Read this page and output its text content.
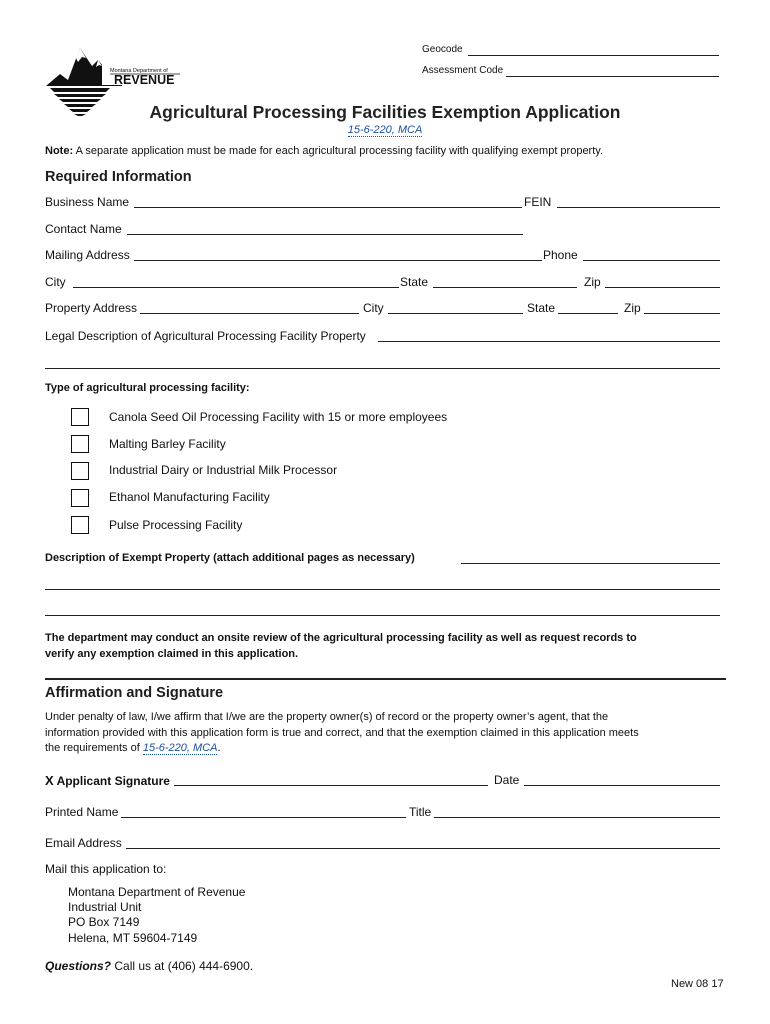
Geocode
Assessment Code
Montana Department of
REVENUE
Agricultural Processing Facilities Exemption Application
15-6-220, MCA
Note: A separate application must be made for each agricultural processing facility with qualifying exempt property.
Required Information
Business Name	FEIN
Contact Name
Mailing Address	Phone
City	State	Zip
Property Address	City	State	Zip
Legal Description of Agricultural Processing Facility Property
Type of agricultural processing facility:
Canola Seed Oil Processing Facility with 15 or more employees
Malting Barley Facility
Industrial Dairy or Industrial Milk Processor
Ethanol Manufacturing Facility
Pulse Processing Facility
Description of Exempt Property (attach additional pages as necessary)
The department may conduct an onsite review of the agricultural processing facility as well as request records to
verify any exemption claimed in this application.
Affirmation and Signature
Under penalty of law, I/we affirm that I/we are the property owner(s) of record or the property owner’s agent, that the
information provided with this application form is true and correct, and that the exemption claimed in this application meets
the requirements of 15-6-220, MCA.
X Applicant Signature	Date
Printed Name	Title
Email Address
Mail this application to:
Montana Department of Revenue
Industrial Unit
PO Box 7149
Helena, MT 59604-7149
Questions? Call us at (406) 444-6900.
New 08 17
